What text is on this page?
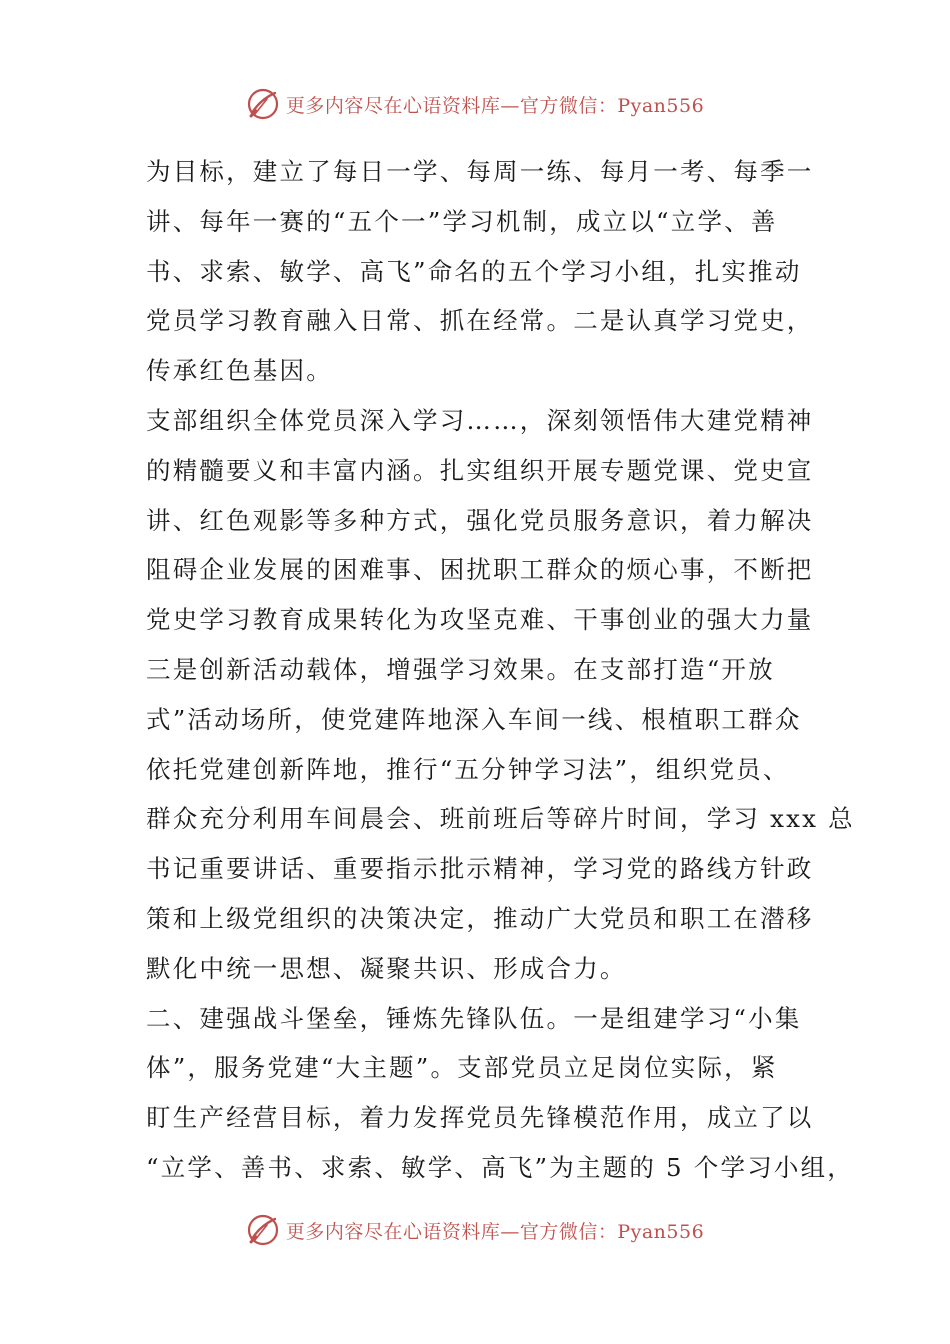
更多内容尽在心语资料库—官方微信：Pyan556
为目标，建立了每日一学、每周一练、每月一考、每季一
讲、每年一赛的“五个一”学习机制，成立以“立学、善
书、求索、敏学、高飞”命名的五个学习小组，扎实推动
党员学习教育融入日常、抓在经常。二是认真学习党史，
传承红色基因。
支部组织全体党员深入学习……，深刻领悟伟大建党精神
的精髓要义和丰富内涵。扎实组织开展专题党课、党史宣
讲、红色观影等多种方式，强化党员服务意识，着力解决
阻碍企业发展的困难事、困扰职工群众的烦心事，不断把
党史学习教育成果转化为攻坚克难、干事创业的强大力量
三是创新活动载体，增强学习效果。在支部打造“开放
式”活动场所，使党建阵地深入车间一线、根植职工群众
依托党建创新阵地，推行“五分钟学习法”，组织党员、
群众充分利用车间晨会、班前班后等碎片时间，学习 xxx 总
书记重要讲话、重要指示批示精神，学习党的路线方针政
策和上级党组织的决策决定，推动广大党员和职工在潜移
默化中统一思想、凝聚共识、形成合力。
二、建强战斗堡垒，锤炼先锋队伍。一是组建学习“小集
体”，服务党建“大主题”。支部党员立足岗位实际，紧
盯生产经营目标，着力发挥党员先锋模范作用，成立了以
“立学、善书、求索、敏学、高飞”为主题的 5 个学习小组，
更多内容尽在心语资料库—官方微信：Pyan556
